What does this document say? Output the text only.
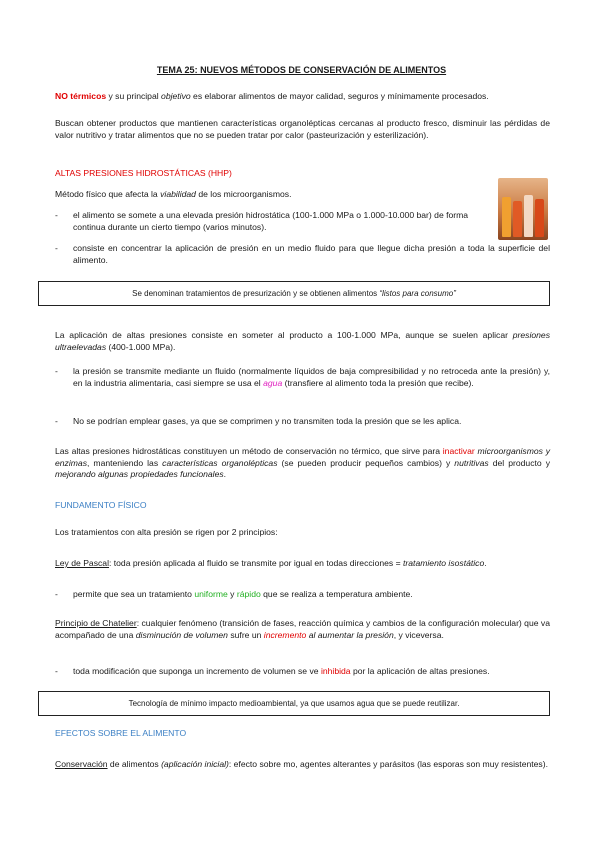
TEMA 25: NUEVOS MÉTODOS DE CONSERVACIÓN DE ALIMENTOS
NO térmicos y su principal objetivo es elaborar alimentos de mayor calidad, seguros y mínimamente procesados.
Buscan obtener productos que mantienen características organolépticas cercanas al producto fresco, disminuir las pérdidas de valor nutritivo y tratar alimentos que no se pueden tratar por calor (pasteurización y esterilización).
ALTAS PRESIONES HIDROSTÁTICAS (HHP)
Método físico que afecta la viabilidad de los microorganismos.
- el alimento se somete a una elevada presión hidrostática (100-1.000 MPa o 1.000-10.000 bar) de forma continua durante un cierto tiempo (varios minutos).
- consiste en concentrar la aplicación de presión en un medio fluido para que llegue dicha presión a toda la superficie del alimento.
Se denominan tratamientos de presurización y se obtienen alimentos “listos para consumo”
La aplicación de altas presiones consiste en someter al producto a 100-1.000 MPa, aunque se suelen aplicar presiones ultraelevadas (400-1.000 MPa).
- la presión se transmite mediante un fluido (normalmente líquidos de baja compresibilidad y no retroceda ante la presión) y, en la industria alimentaria, casi siempre se usa el agua (transfiere al alimento toda la presión que recibe).
- No se podrían emplear gases, ya que se comprimen y no transmiten toda la presión que se les aplica.
Las altas presiones hidrostáticas constituyen un método de conservación no térmico, que sirve para inactivar microorganismos y enzimas, manteniendo las características organolépticas (se pueden producir pequeños cambios) y nutritivas del producto y mejorando algunas propiedades funcionales.
FUNDAMENTO FÍSICO
Los tratamientos con alta presión se rigen por 2 principios:
Ley de Pascal: toda presión aplicada al fluido se transmite por igual en todas direcciones = tratamiento isostático.
- permite que sea un tratamiento uniforme y rápido que se realiza a temperatura ambiente.
Principio de Chatelier: cualquier fenómeno (transición de fases, reacción química y cambios de la configuración molecular) que va acompañado de una disminución de volumen sufre un incremento al aumentar la presión, y viceversa.
- toda modificación que suponga un incremento de volumen se ve inhibida por la aplicación de altas presiones.
Tecnología de mínimo impacto medioambiental, ya que usamos agua que se puede reutilizar.
EFECTOS SOBRE EL ALIMENTO
Conservación de alimentos (aplicación inicial): efecto sobre mo, agentes alterantes y parásitos (las esporas son muy resistentes).
